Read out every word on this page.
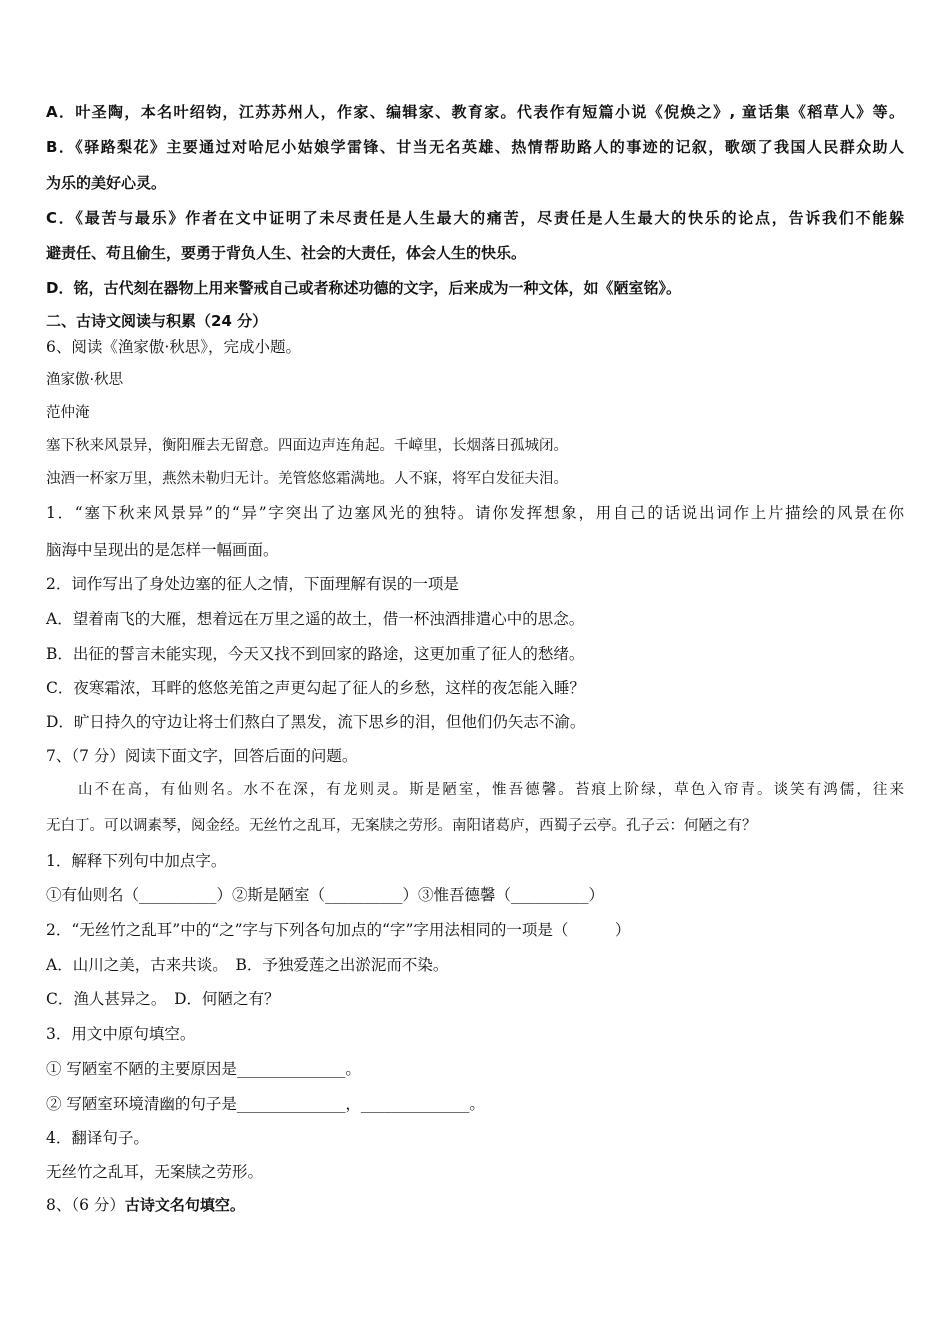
A．叶圣陶，本名叶绍钧，江苏苏州人，作家、编辑家、教育家。代表作有短篇小说《倪焕之》, 童话集《稻草人》等。
B．《驿路梨花》主要通过对哈尼小姑娘学雷锋、甘当无名英雄、热情帮助路人的事迹的记叙，歌颂了我国人民群众助人
为乐的美好心灵。
C．《最苦与最乐》作者在文中证明了未尽责任是人生最大的痛苦，尽责任是人生最大的快乐的论点，告诉我们不能躲
避责任、苟且偷生，要勇于背负人生、社会的大责任，体会人生的快乐。
D．铭，古代刻在器物上用来警戒自己或者称述功德的文字，后来成为一种文体，如《陋室铭》。
二、古诗文阅读与积累（24 分）
6、阅读《渔家傲·秋思》，完成小题。
渔家傲·秋思
范仲淹
塞下秋来风景异，衡阳雁去无留意。四面边声连角起。千嶂里，长烟落日孤城闭。
浊酒一杯家万里，燕然未勒归无计。羌管悠悠霜满地。人不寐，将军白发征夫泪。
1．“塞下秋来风景异”的“异”字突出了边塞风光的独特。请你发挥想象，用自己的话说出词作上片描绘的风景在你
脑海中呈现出的是怎样一幅画面。
2．词作写出了身处边塞的征人之情，下面理解有误的一项是
A．望着南飞的大雁，想着远在万里之遥的故土，借一杯浊酒排遣心中的思念。
B．出征的誓言未能实现，今天又找不到回家的路途，这更加重了征人的愁绪。
C．夜寒霜浓，耳畔的悠悠羌笛之声更勾起了征人的乡愁，这样的夜怎能入睡？
D．旷日持久的守边让将士们熬白了黑发，流下思乡的泪，但他们仍矢志不渝。
7、（7 分）阅读下面文字，回答后面的问题。
山不在高，有仙则名。水不在深，有龙则灵。斯是陋室，惟吾德馨。苔痕上阶绿，草色入帘青。谈笑有鸿儒，往来
无白丁。可以调素琴，阅金经。无丝竹之乱耳，无案牍之劳形。南阳诸葛庐，西蜀子云亭。孔子云：何陋之有？
1．解释下列句中加点字。
①有仙则名（__________）②斯是陋室（__________）③惟吾德馨（__________）
2．“无丝竹之乱耳”中的“之”字与下列各句加点的“字”字用法相同的一项是（　　　）
A．山川之美，古来共谈。　B．予独爱莲之出淤泥而不染。
C．渔人甚异之。　D．何陋之有？
3．用文中原句填空。
① 写陋室不陋的主要原因是______________。
② 写陋室环境清幽的句子是______________，______________。
4．翻译句子。
无丝竹之乱耳，无案牍之劳形。
8、（6 分）古诗文名句填空。
